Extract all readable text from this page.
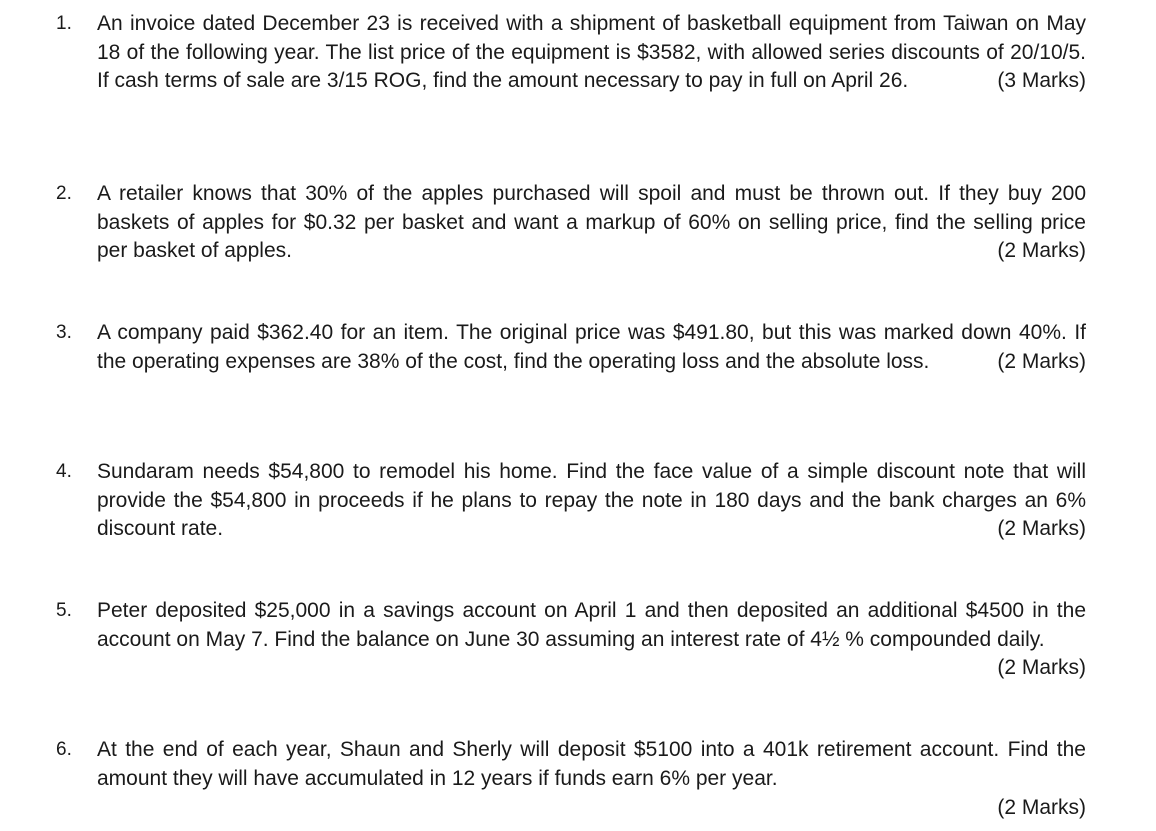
1.	An invoice dated December 23 is received with a shipment of basketball equipment from Taiwan on May 18 of the following year. The list price of the equipment is $3582, with allowed series discounts of 20/10/5. If cash terms of sale are 3/15 ROG, find the amount necessary to pay in full on April 26.	(3 Marks)
2.	A retailer knows that 30% of the apples purchased will spoil and must be thrown out. If they buy 200 baskets of apples for $0.32 per basket and want a markup of 60% on selling price, find the selling price per basket of apples.	(2 Marks)
3.	A company paid $362.40 for an item. The original price was $491.80, but this was marked down 40%. If the operating expenses are 38% of the cost, find the operating loss and the absolute loss.	(2 Marks)
4.	Sundaram needs $54,800 to remodel his home. Find the face value of a simple discount note that will provide the $54,800 in proceeds if he plans to repay the note in 180 days and the bank charges an 6% discount rate.	(2 Marks)
5.	Peter deposited $25,000 in a savings account on April 1 and then deposited an additional $4500 in the account on May 7. Find the balance on June 30 assuming an interest rate of 4½ % compounded daily.
(2 Marks)
6.	At the end of each year, Shaun and Sherly will deposit $5100 into a 401k retirement account. Find the amount they will have accumulated in 12 years if funds earn 6% per year.
(2 Marks)
